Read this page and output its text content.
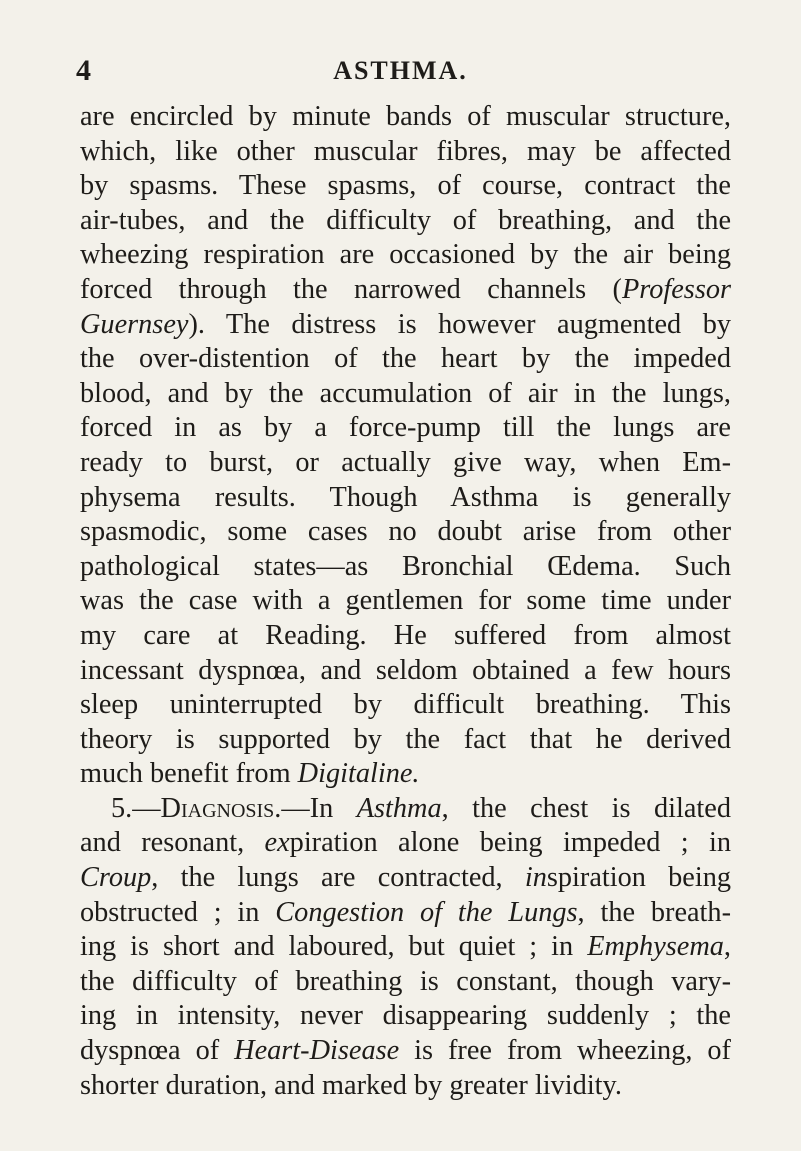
4	ASTHMA.
are encircled by minute bands of muscular structure,
which, like other muscular fibres, may be affected
by spasms. These spasms, of course, contract the
air-tubes, and the difficulty of breathing, and the
wheezing respiration are occasioned by the air being
forced through the narrowed channels (Professor
Guernsey). The distress is however augmented by
the over-distention of the heart by the impeded
blood, and by the accumulation of air in the lungs,
forced in as by a force-pump till the lungs are
ready to burst, or actually give way, when Em-
physema results. Though Asthma is generally
spasmodic, some cases no doubt arise from other
pathological states—as Bronchial Œdema. Such
was the case with a gentlemen for some time under
my care at Reading. He suffered from almost
incessant dyspnœa, and seldom obtained a few hours
sleep uninterrupted by difficult breathing. This
theory is supported by the fact that he derived
much benefit from Digitaline.
5.—Diagnosis.—In Asthma, the chest is dilated
and resonant, expiration alone being impeded ; in
Croup, the lungs are contracted, inspiration being
obstructed ; in Congestion of the Lungs, the breath-
ing is short and laboured, but quiet ; in Emphysema,
the difficulty of breathing is constant, though vary-
ing in intensity, never disappearing suddenly ; the
dyspnœa of Heart-Disease is free from wheezing, of
shorter duration, and marked by greater lividity.
